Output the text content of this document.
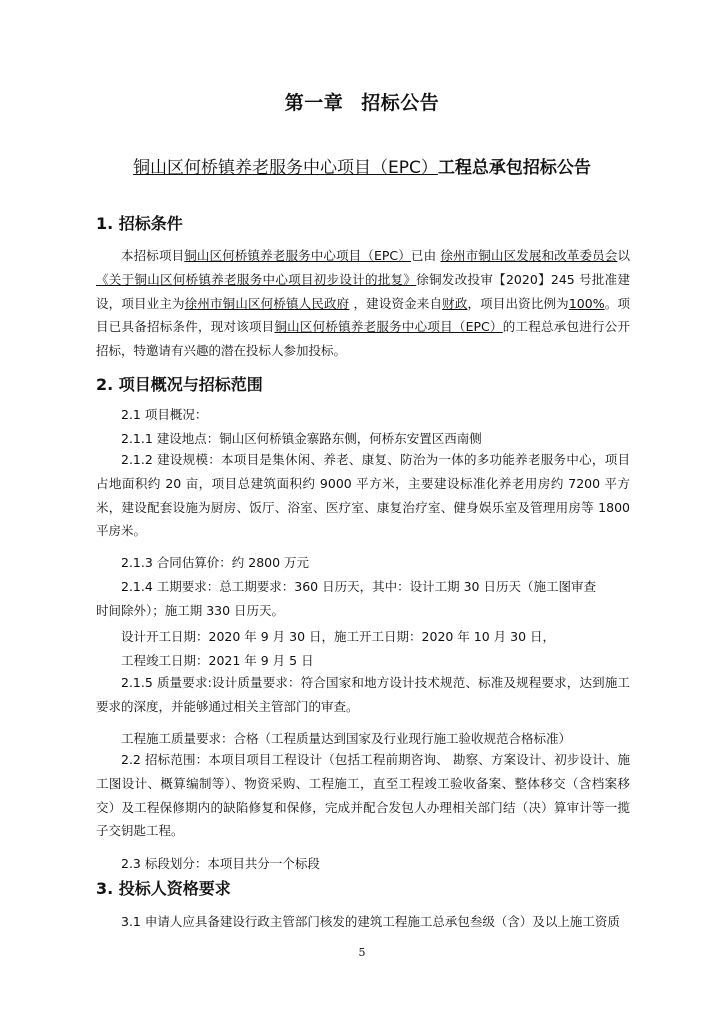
第一章 招标公告
铜山区何桥镇养老服务中心项目（EPC）工程总承包招标公告
1. 招标条件
本招标项目铜山区何桥镇养老服务中心项目（EPC）已由 徐州市铜山区发展和改革委员会以《关于铜山区何桥镇养老服务中心项目初步设计的批复》徐铜发改投审【2020】245 号批准建设，项目业主为徐州市铜山区何桥镇人民政府 ，建设资金来自财政，项目出资比例为100%。项目已具备招标条件，现对该项目铜山区何桥镇养老服务中心项目（EPC）的工程总承包进行公开招标，特邀请有兴趣的潜在投标人参加投标。
2. 项目概况与招标范围
2.1 项目概况：
2.1.1 建设地点：铜山区何桥镇金寨路东侧，何桥东安置区西南侧
2.1.2 建设规模：本项目是集休闲、养老、康复、防治为一体的多功能养老服务中心，项目占地面积约 20 亩，项目总建筑面积约 9000 平方米，主要建设标准化养老用房约 7200 平方米，建设配套设施为厨房、饭厅、浴室、医疗室、康复治疗室、健身娱乐室及管理用房等 1800 平房米。
2.1.3 合同估算价：约 2800 万元
2.1.4 工期要求：总工期要求：360 日历天，其中：设计工期 30 日历天（施工图审查
时间除外）；施工期 330 日历天。
设计开工日期：2020 年 9 月 30 日，施工开工日期：2020 年 10 月 30 日，
工程竣工日期：2021 年 9 月 5 日
2.1.5 质量要求:设计质量要求：符合国家和地方设计技术规范、标准及规程要求，达到施工要求的深度，并能够通过相关主管部门的审查。
工程施工质量要求：合格（工程质量达到国家及行业现行施工验收规范合格标准）
2.2 招标范围：本项目项目工程设计（包括工程前期咨询、 勘察、方案设计、初步设计、施工图设计、概算编制等）、物资采购、工程施工，直至工程竣工验收备案、整体移交（含档案移交）及工程保修期内的缺陷修复和保修，完成并配合发包人办理相关部门结（决）算审计等一揽子交钥匙工程。
2.3 标段划分：本项目共分一个标段
3. 投标人资格要求
3.1 申请人应具备建设行政主管部门核发的建筑工程施工总承包叁级（含）及以上施工资质
5
